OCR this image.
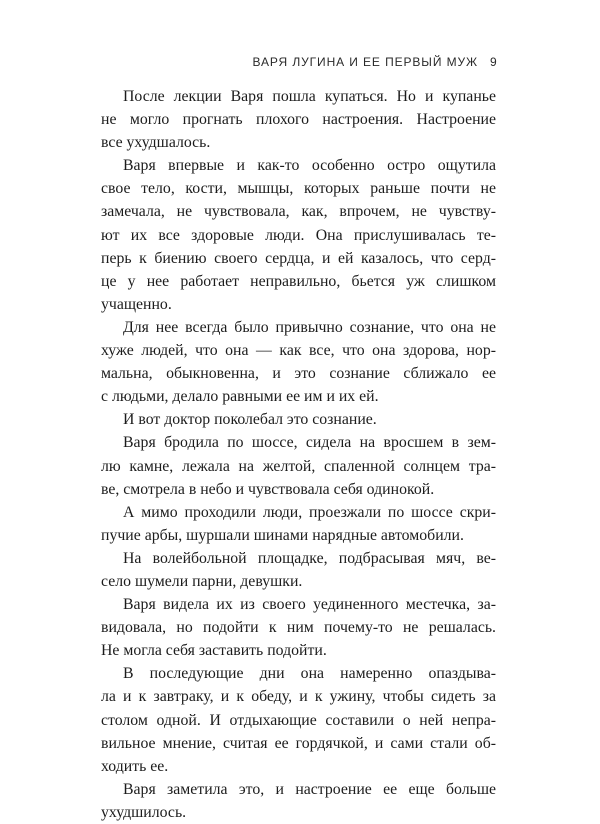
ВАРЯ ЛУГИНА И ЕЕ ПЕРВЫЙ МУЖ 9
После лекции Варя пошла купаться. Но и купанье
не могло прогнать плохого настроения. Настроение
все ухудшалось.
Варя впервые и как-то особенно остро ощутила
свое тело, кости, мышцы, которых раньше почти не
замечала, не чувствовала, как, впрочем, не чувству-
ют их все здоровые люди. Она прислушивалась те-
перь к биению своего сердца, и ей казалось, что серд-
це у нее работает неправильно, бьется уж слишком
учащенно.
Для нее всегда было привычно сознание, что она не
хуже людей, что она — как все, что она здорова, нор-
мальна, обыкновенна, и это сознание сближало ее
с людьми, делало равными ее им и их ей.
И вот доктор поколебал это сознание.
Варя бродила по шоссе, сидела на вросшем в зем-
лю камне, лежала на желтой, спаленной солнцем тра-
ве, смотрела в небо и чувствовала себя одинокой.
А мимо проходили люди, проезжали по шоссе скри-
пучие арбы, шуршали шинами нарядные автомобили.
На волейбольной площадке, подбрасывая мяч, ве-
село шумели парни, девушки.
Варя видела их из своего уединенного местечка, за-
видовала, но подойти к ним почему-то не решалась.
Не могла себя заставить подойти.
В последующие дни она намеренно опаздыва-
ла и к завтраку, и к обеду, и к ужину, чтобы сидеть за
столом одной. И отдыхающие составили о ней непра-
вильное мнение, считая ее гордячкой, и сами стали об-
ходить ее.
Варя заметила это, и настроение ее еще больше
ухудшилось.
